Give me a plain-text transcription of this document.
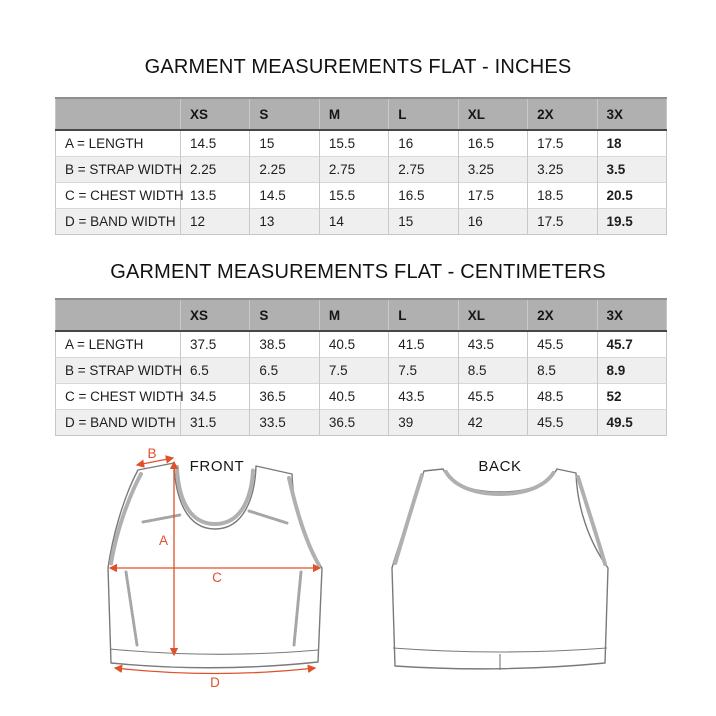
GARMENT MEASUREMENTS FLAT - INCHES
	XS	S	M	L	XL	2X	3X
A = LENGTH	14.5	15	15.5	16	16.5	17.5	18
B = STRAP WIDTH	2.25	2.25	2.75	2.75	3.25	3.25	3.5
C = CHEST WIDTH	13.5	14.5	15.5	16.5	17.5	18.5	20.5
D = BAND WIDTH	12	13	14	15	16	17.5	19.5
GARMENT MEASUREMENTS FLAT - CENTIMETERS
	XS	S	M	L	XL	2X	3X
A = LENGTH	37.5	38.5	40.5	41.5	43.5	45.5	45.7
B = STRAP WIDTH	6.5	6.5	7.5	7.5	8.5	8.5	8.9
C = CHEST WIDTH	34.5	36.5	40.5	43.5	45.5	48.5	52
D = BAND WIDTH	31.5	33.5	36.5	39	42	45.5	49.5
B
A
C
D
FRONT	BACK
